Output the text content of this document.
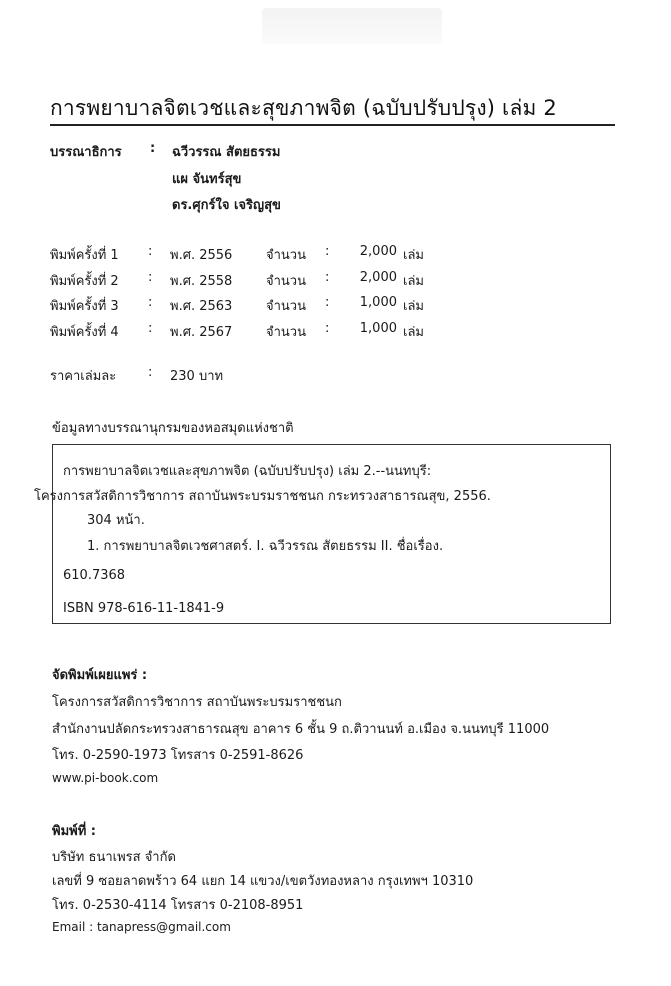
การพยาบาลจิตเวชและสุขภาพจิต (ฉบับปรับปรุง) เล่ม 2
บรรณาธิการ : ฉวีวรรณ สัตยธรรม
แผ จันทร์สุข
ดร.ศุกร์ใจ เจริญสุข
พิมพ์ครั้งที่ 1 : พ.ศ. 2556	จำนวน :	2,000 เล่ม
พิมพ์ครั้งที่ 2 : พ.ศ. 2558	จำนวน :	2,000 เล่ม
พิมพ์ครั้งที่ 3 : พ.ศ. 2563	จำนวน :	1,000 เล่ม
พิมพ์ครั้งที่ 4 : พ.ศ. 2567	จำนวน :	1,000 เล่ม
ราคาเล่มละ : 230 บาท
ข้อมูลทางบรรณานุกรมของหอสมุดแห่งชาติ
การพยาบาลจิตเวชและสุขภาพจิต (ฉบับปรับปรุง) เล่ม 2.--นนทบุรี:
โครงการสวัสดิการวิชาการ สถาบันพระบรมราชชนก กระทรวงสาธารณสุข, 2556.
304 หน้า.
1. การพยาบาลจิตเวชศาสตร์. I. ฉวีวรรณ สัตยธรรม II. ชื่อเรื่อง.
610.7368
ISBN 978-616-11-1841-9
จัดพิมพ์เผยแพร่ :
โครงการสวัสดิการวิชาการ สถาบันพระบรมราชชนก
สำนักงานปลัดกระทรวงสาธารณสุข อาคาร 6 ชั้น 9 ถ.ติวานนท์ อ.เมือง จ.นนทบุรี 11000
โทร. 0-2590-1973 โทรสาร 0-2591-8626
www.pi-book.com
พิมพ์ที่ :
บริษัท ธนาเพรส จำกัด
เลขที่ 9 ซอยลาดพร้าว 64 แยก 14 แขวง/เขตวังทองหลาง กรุงเทพฯ 10310
โทร. 0-2530-4114 โทรสาร 0-2108-8951
Email : tanapress@gmail.com
